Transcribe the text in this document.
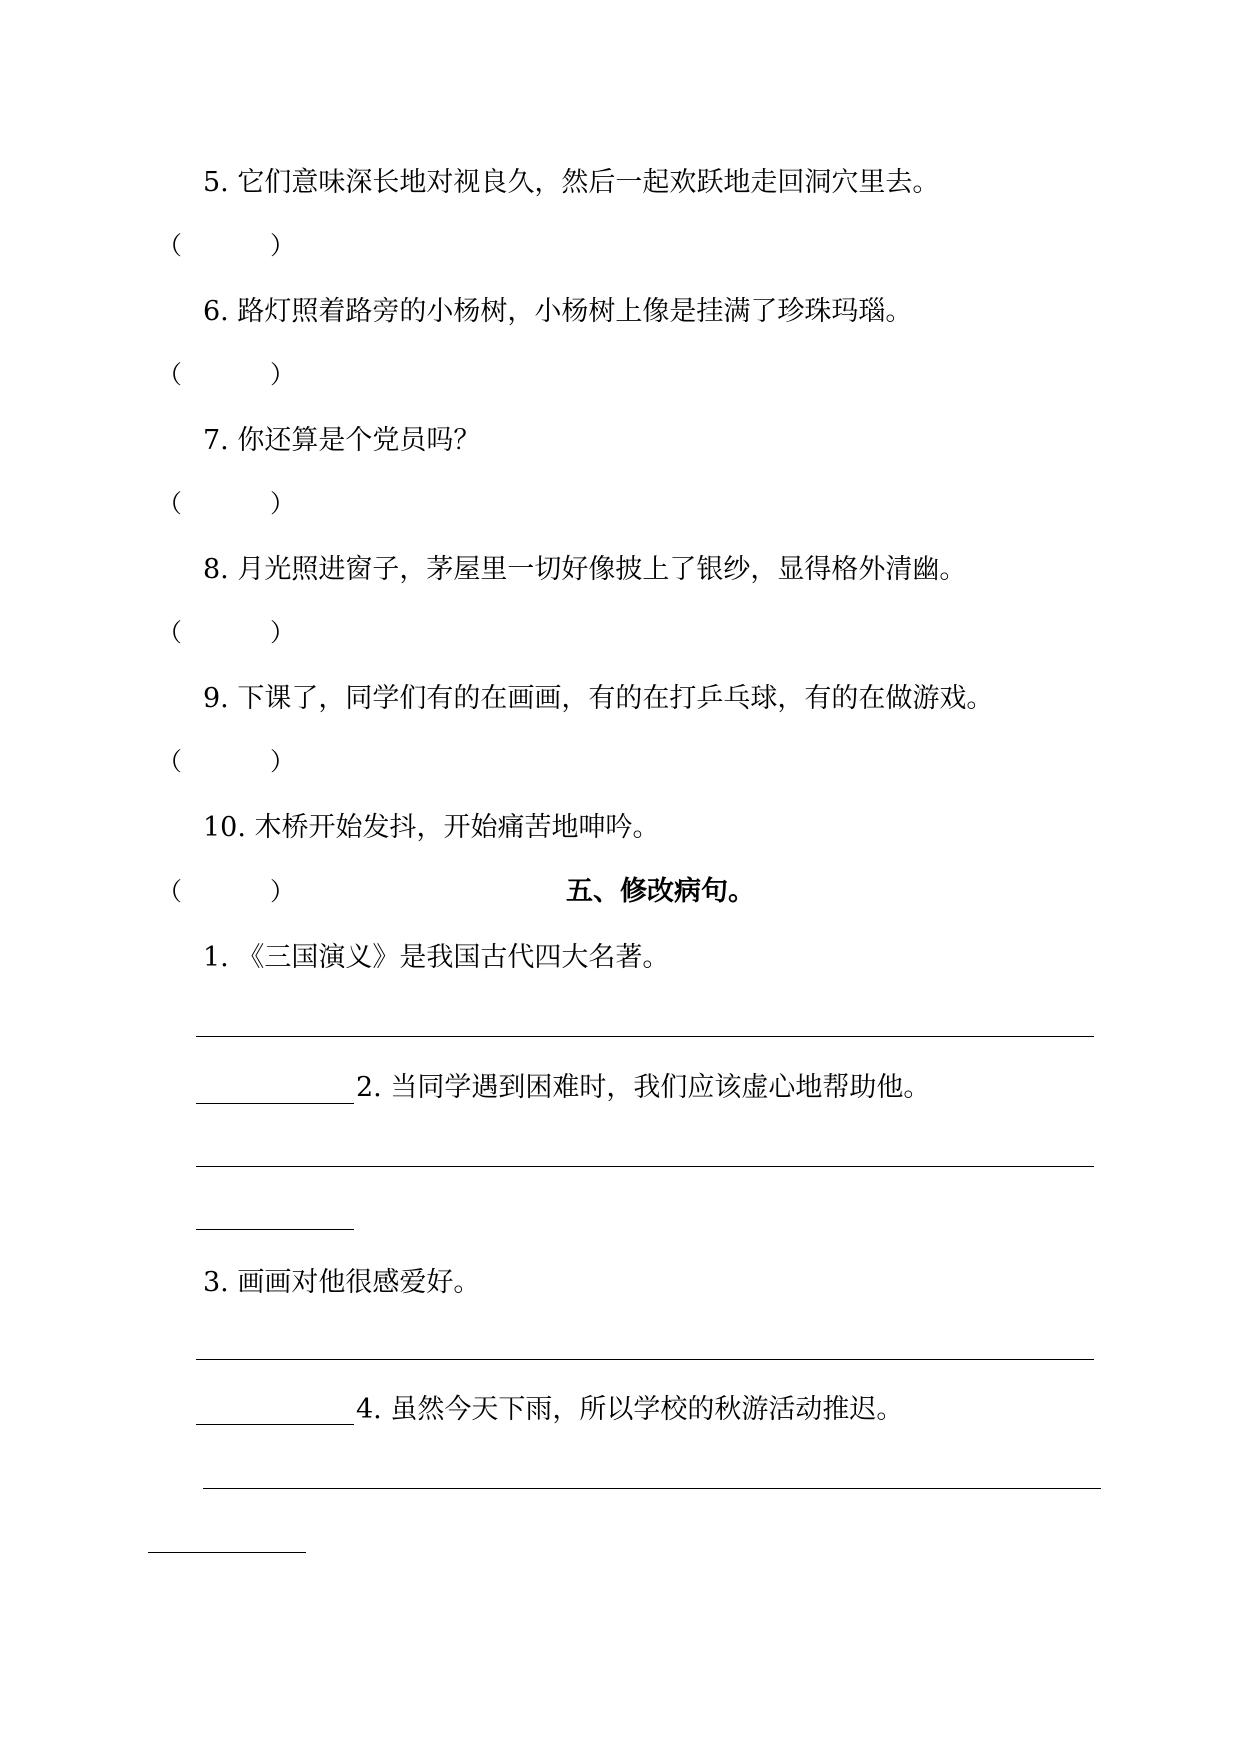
5. 它们意味深长地对视良久，然后一起欢跃地走回洞穴里去。
（	）
6. 路灯照着路旁的小杨树，小杨树上像是挂满了珍珠玛瑙。
（	）
7. 你还算是个党员吗？
（	）
8. 月光照进窗子，茅屋里一切好像披上了银纱，显得格外清幽。
（	）
9. 下课了，同学们有的在画画，有的在打乒乓球，有的在做游戏。
（	）
10. 木桥开始发抖，开始痛苦地呻吟。
（	）	五、修改病句。
1. 《三国演义》是我国古代四大名著。
2. 当同学遇到困难时，我们应该虚心地帮助他。
3. 画画对他很感爱好。
4. 虽然今天下雨，所以学校的秋游活动推迟。
